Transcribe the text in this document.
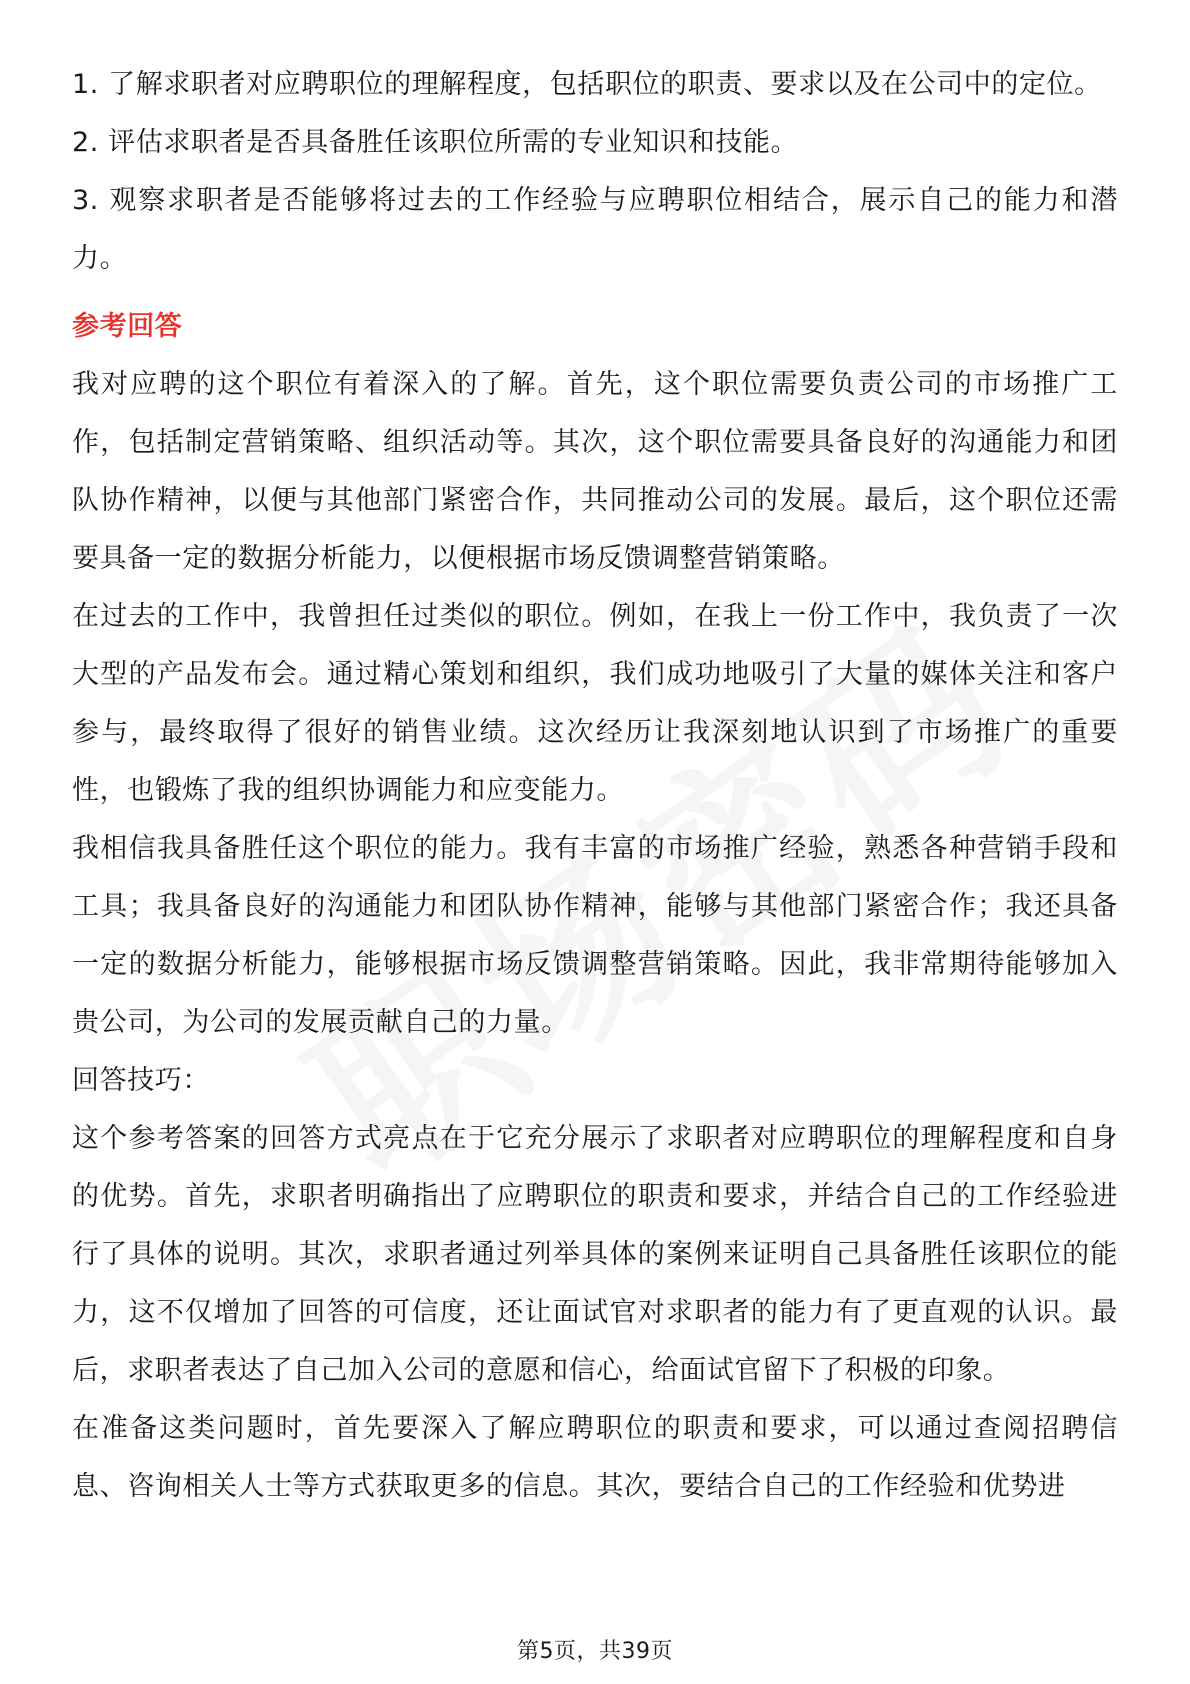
1. 了解求职者对应聘职位的理解程度，包括职位的职责、要求以及在公司中的定位。

2. 评估求职者是否具备胜任该职位所需的专业知识和技能。

3. 观察求职者是否能够将过去的工作经验与应聘职位相结合，展示自己的能力和潜力。

参考回答

我对应聘的这个职位有着深入的了解。首先，这个职位需要负责公司的市场推广工作，包括制定营销策略、组织活动等。其次，这个职位需要具备良好的沟通能力和团队协作精神，以便与其他部门紧密合作，共同推动公司的发展。最后，这个职位还需要具备一定的数据分析能力，以便根据市场反馈调整营销策略。

在过去的工作中，我曾担任过类似的职位。例如，在我上一份工作中，我负责了一次大型的产品发布会。通过精心策划和组织，我们成功地吸引了大量的媒体关注和客户参与，最终取得了很好的销售业绩。这次经历让我深刻地认识到了市场推广的重要性，也锻炼了我的组织协调能力和应变能力。

我相信我具备胜任这个职位的能力。我有丰富的市场推广经验，熟悉各种营销手段和工具；我具备良好的沟通能力和团队协作精神，能够与其他部门紧密合作；我还具备一定的数据分析能力，能够根据市场反馈调整营销策略。因此，我非常期待能够加入贵公司，为公司的发展贡献自己的力量。

回答技巧：

这个参考答案的回答方式亮点在于它充分展示了求职者对应聘职位的理解程度和自身的优势。首先，求职者明确指出了应聘职位的职责和要求，并结合自己的工作经验进行了具体的说明。其次，求职者通过列举具体的案例来证明自己具备胜任该职位的能力，这不仅增加了回答的可信度，还让面试官对求职者的能力有了更直观的认识。最后，求职者表达了自己加入公司的意愿和信心，给面试官留下了积极的印象。

在准备这类问题时，首先要深入了解应聘职位的职责和要求，可以通过查阅招聘信息、咨询相关人士等方式获取更多的信息。其次，要结合自己的工作经验和优势进

第5页，共39页
